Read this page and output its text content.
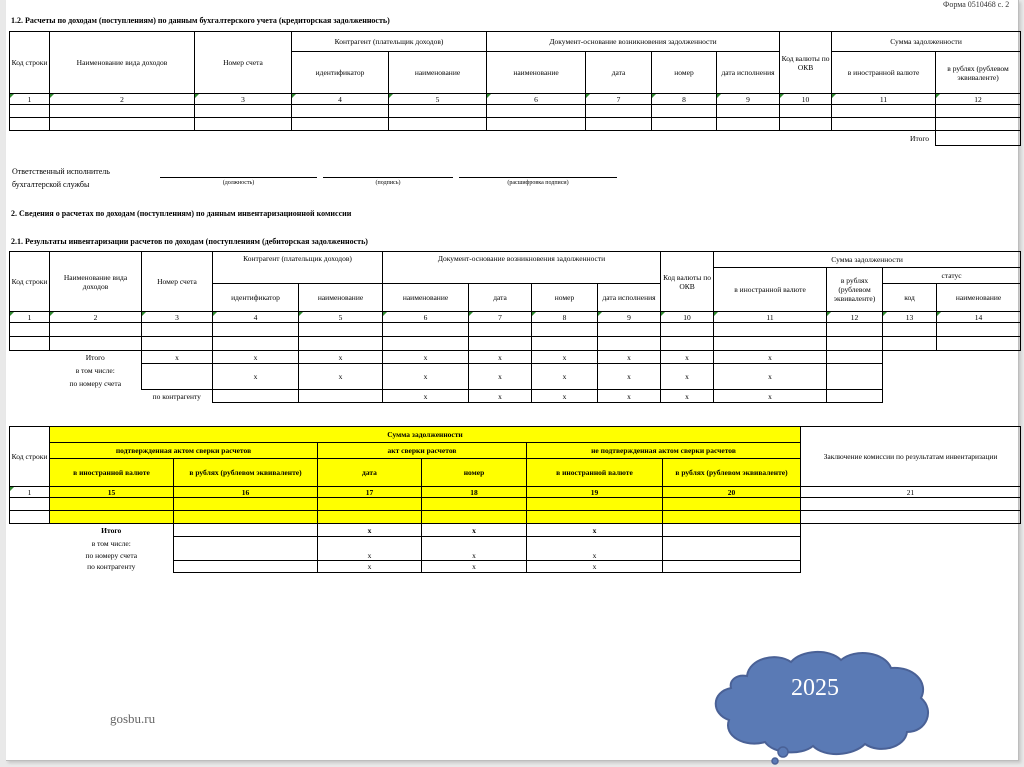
Форма 0510468 с. 2
1.2. Расчеты по доходам (поступлениям) по данным бухгалтерского учета (кредиторская задолженность)
Код строки	Наименование вида доходов	Номер счета	Контрагент (плательщик доходов)		Документ-основание возникновения задолженности				Код валюты по ОКВ	Сумма задолженности	
			идентификатор	наименование	наименование	дата	номер	дата исполнения		в иностранной валюте	в рублях (рублевом эквиваленте)
1	2	3	4	5	6	7	8	9	10	11	12

										Итого	
Ответственный исполнитель
бухгалтерской службы	(должность)	(подпись)	(расшифровка подписи)
2. Сведения о расчетах по доходам (поступлениям) по данным инвентаризационной комиссии
2.1. Результаты инвентаризации расчетов по доходам (поступлениям (дебиторская задолженность)
Код строки	Наименование вида доходов	Номер счета	Контрагент (плательщик доходов)		Документ-основание возникновения задолженности				Код валюты по ОКВ	Сумма задолженности			
										в иностранной валюте	в рублях (рублевом эквиваленте)	статус	
			идентификатор	наименование	наименование	дата	номер	дата исполнения				код	наименование
1	2	3	4	5	6	7	8	9	10	11	12	13	14

	Итого	x	x	x	x	x	x	x	x	x			
	в том числе:		x	x	x	x	x	x	x	x			
	по номеру счета												
		по контрагенту			x	x	x	x	x	x			
Код строки	Сумма задолженности						Заключение комиссии по результатам инвентаризации
	подтвержденная актом сверки расчетов		акт сверки расчетов		не подтвержденная актом сверки расчетов		
	в иностранной валюте	в рублях (рублевом эквиваленте)	дата	номер	в иностранной валюте	в рублях (рублевом эквиваленте)	
1	15	16	17	18	19	20	21

	Итого		x	x	x		
	в том числе:		x	x	x		
	по номеру счета						
	по контрагенту		x	x	x		
gosbu.ru
2025
